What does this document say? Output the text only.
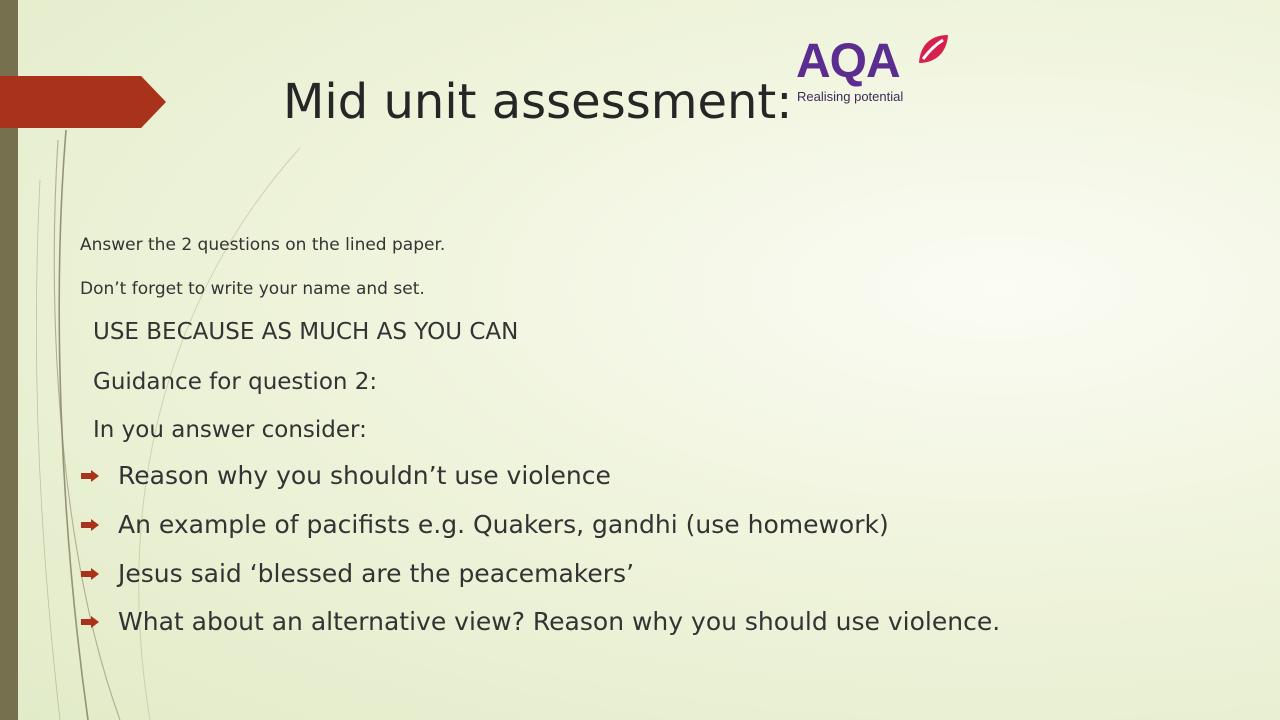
Mid unit assessment:
AQA
Realising potential

Answer the 2 questions on the lined paper.

Don’t forget to write your name and set.

USE BECAUSE AS MUCH AS YOU CAN

Guidance for question 2:

In you answer consider:

Reason why you shouldn’t use violence
An example of pacifists e.g. Quakers, gandhi (use homework)
Jesus said ‘blessed are the peacemakers’
What about an alternative view? Reason why you should use violence.
